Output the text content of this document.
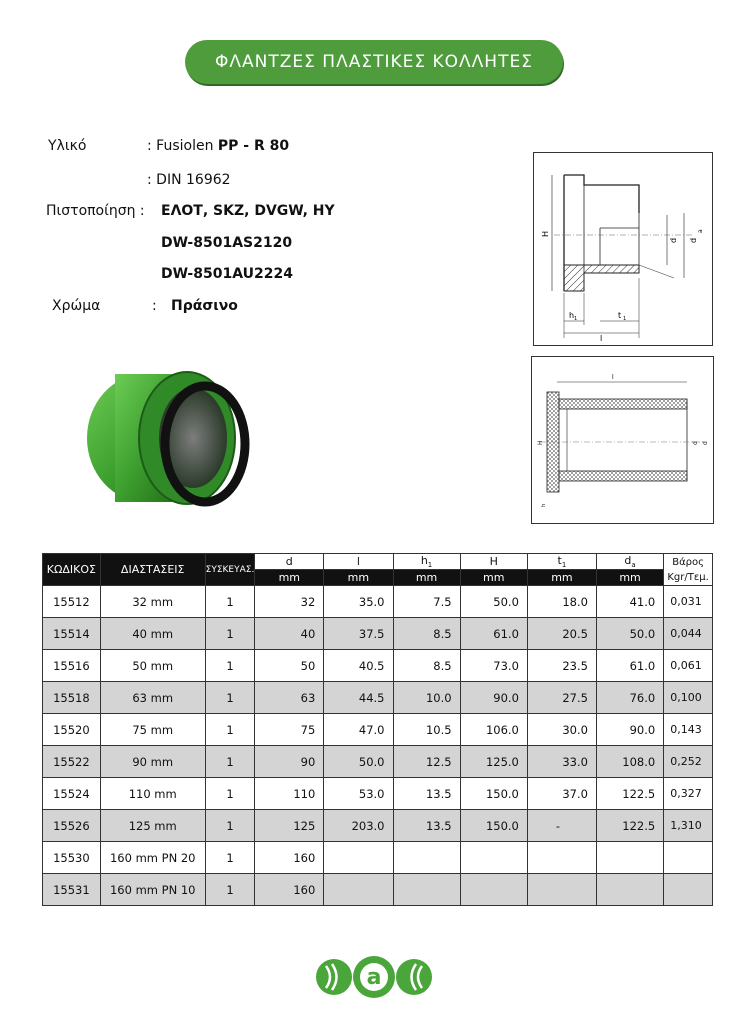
ΦΛΑΝΤΖΕΣ ΠΛΑΣΤΙΚΕΣ ΚΟΛΛΗΤΕΣ
Υλικό	: Fusiolen PP - R 80
: DIN 16962
Πιστοποίηση : ΕΛΟΤ, SKZ, DVGW, HY
DW-8501AS2120
DW-8501AU2224
Χρώμα	: Πράσινο
H
d d
a
h 1	t 1
l
l
H	d d
h
ΚΩΔΙΚΟΣ	ΔΙΑΣΤΑΣΕΙΣ	ΣΥΣΚΕΥΑΣ.	d	l	$h_1$	H	$t_1$	$d_a$	Βάρος
Kgr/Τεμ.

			mm	mm	mm	mm	mm	mm	
15512	32 mm	1	32	35.0	7.5	50.0	18.0	41.0	0,031
15514	40 mm	1	40	37.5	8.5	61.0	20.5	50.0	0,044
15516	50 mm	1	50	40.5	8.5	73.0	23.5	61.0	0,061
15518	63 mm	1	63	44.5	10.0	90.0	27.5	76.0	0,100
15520	75 mm	1	75	47.0	10.5	106.0	30.0	90.0	0,143
15522	90 mm	1	90	50.0	12.5	125.0	33.0	108.0	0,252
15524	110 mm	1	110	53.0	13.5	150.0	37.0	122.5	0,327
15526	125 mm	1	125	203.0	13.5	150.0	-	122.5	1,310
15530	160 mm PN 20	1	160						
15531	160 mm PN 10	1	160						
a
